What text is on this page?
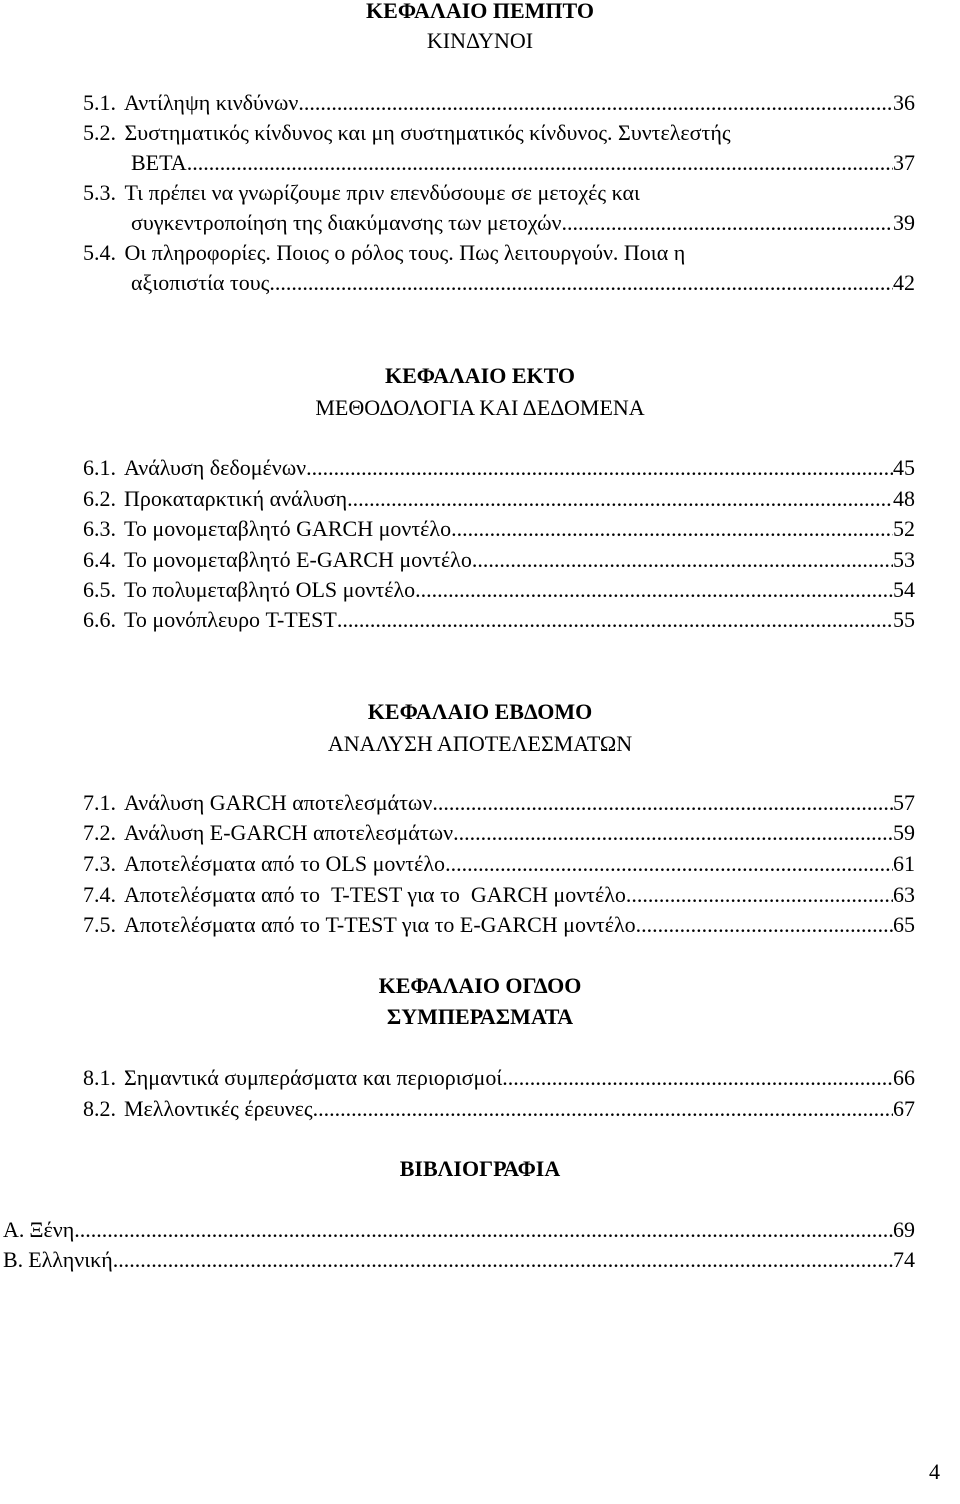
ΚΕΦΑΛΑΙΟ ΠΕΜΠΤΟ
ΚΙΝΔΥΝΟΙ
5.1. Αντίληψη κινδύνων .....	36
5.2. Συστηματικός κίνδυνος και μη συστηματικός κίνδυνος. Συντελεστής
BETA .....	37
5.3. Τι πρέπει να γνωρίζουμε πριν επενδύσουμε σε μετοχές και
συγκεντροποίηση της διακύμανσης των μετοχών .....	39
5.4. Οι πληροφορίες. Ποιος ο ρόλος τους. Πως λειτουργούν. Ποια η
αξιοπιστία τους. .....	42
ΚΕΦΑΛΑΙΟ ΕΚΤΟ
ΜΕΘΟΔΟΛΟΓΙΑ ΚΑΙ ΔΕΔΟΜΕΝΑ
6.1. Ανάλυση δεδομένων .....	45
6.2. Προκαταρκτική ανάλυση .....	48
6.3. Το μονομεταβλητό GARCH μοντέλο .....	52
6.4. Το μονομεταβλητό E-GARCH μοντέλο .....	53
6.5. Το πολυμεταβλητό OLS μοντέλο .....	54
6.6. Το μονόπλευρο T-TEST .....	55
ΚΕΦΑΛΑΙΟ ΕΒΔΟΜΟ
ΑΝΑΛΥΣΗ ΑΠΟΤΕΛΕΣΜΑΤΩΝ
7.1. Ανάλυση GARCH αποτελεσμάτων .....	57
7.2. Ανάλυση E-GARCH αποτελεσμάτων .....	59
7.3. Αποτελέσματα από το OLS μοντέλο .....	61
7.4. Αποτελέσματα από το  T-TEST για το  GARCH μοντέλο .....	63
7.5. Αποτελέσματα από το T-TEST για το E-GARCH μοντέλο .....	65
ΚΕΦΑΛΑΙΟ ΟΓΔΟΟ
ΣΥΜΠΕΡΑΣΜΑΤΑ
8.1. Σημαντικά συμπεράσματα και περιορισμοί .....	66
8.2. Μελλοντικές έρευνες .....	67
ΒΙΒΛΙΟΓΡΑΦΙΑ
Α. Ξένη .....	69
Β. Ελληνική .....	74
4
